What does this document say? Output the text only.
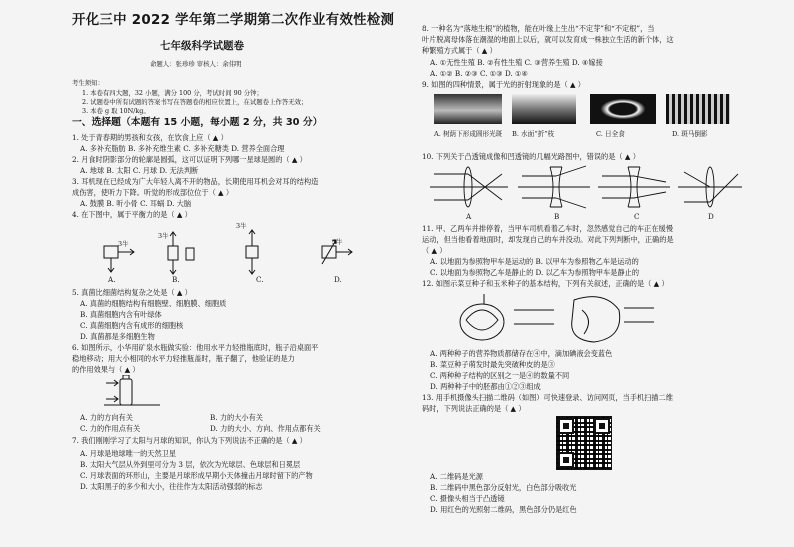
开化三中 2022 学年第二学期第二次作业有效性检测
七年级科学试题卷
命题人：张珍珍 审核人：余伟明
考生须知：
1. 本卷有四大题，32 小题，满分 100 分，考试时间 90 分钟；
2. 试题卷中所有试题的答案书写在答题卷的相应位置上，在试题卷上作答无效；
3. 本卷 g 取 10N/kg。
一、选择题（本题有 15 小题，每小题 2 分，共 30 分）
1. 处于青春期的男孩和女孩，在饮食上应（ ▲ ）
A. 多补充脂肪 B. 多补充维生素 C. 多补充糖类 D. 营养全面合理
2. 月食时阴影部分的轮廓是圆弧，这可以证明下列哪一星球是圆的（ ▲ ）
A. 地球 B. 太阳 C. 月球 D. 无法判断
3. 耳机现在已经成为广大年轻人离不开的物品，长期使用耳机会对耳的结构造
成伤害，使听力下降。听觉的形成部位位于（ ▲ ）
A. 鼓膜 B. 听小骨 C. 耳蜗 D. 大脑
4. 在下图中，属于平衡力的是（ ▲ ）
3牛
3牛
3牛
3牛
A.	B.	C.	D.
5. 真菌比细菌结构复杂之处是（ ▲ ）
A. 真菌的细胞结构有细胞壁、细胞膜、细胞质
B. 真菌细胞内含有叶绿体
C. 真菌细胞内含有成形的细胞核
D. 真菌都是多细胞生物
6. 如图所示，小华用矿泉水瓶做实验：他用水平力轻推瓶底时，瓶子沿桌面平
稳地移动；用大小相同的水平力轻推瓶盖时，瓶子翻了，他验证的是力
的作用效果与（ ▲ ）
A. 力的方向有关	B. 力的大小有关
C. 力的作用点有关	D. 力的大小、方向、作用点都有关
7. 我们刚刚学习了太阳与月球的知识，你认为下列说法不正确的是（ ▲ ）
A. 月球是地球唯一的天然卫星
B. 太阳大气层从外到里可分为 3 层，依次为光球层、色球层和日冕层
C. 月球表面的环形山，主要是月球形成早期小天体撞击月球时留下的产物
D. 太阳黑子的多少和大小，往往作为太阳活动强弱的标志
8. 一种名为“落地生根”的植物，能在叶缘上生出“不定芽”和“不定根”，当
叶片脱离母体落在潮湿的地面上以后，就可以发育成一株独立生活的新个体，这
种繁殖方式属于（ ▲ ）
A. ①无性生殖 B. ②有性生殖 C. ③营养生殖 D. ④嫁接
A. ①② B. ②③ C. ①③ D. ①④
9. 如图的四种情景，属于光的折射现象的是（ ▲ ）
A. 树荫下形成圆形光斑 B. 水面“折”枝	C. 日全食	D. 斑马倒影
10. 下列关于凸透镜成像和凹透镜的几幅光路图中，错误的是（ ▲ ）
A	B	C	D
11. 甲、乙两车并排停着，当甲车司机看着乙车时，忽然感觉自己的车正在缓慢
运动，但当他看着地面时，却发现自己的车并没动。对此下列判断中，正确的是
（ ▲ ）
A. 以地面为参照物甲车是运动的 B. 以甲车为参照物乙车是运动的
C. 以地面为参照物乙车是静止的 D. 以乙车为参照物甲车是静止的
12. 如图示菜豆种子和玉米种子的基本结构，下列有关叙述，正确的是（ ▲ ）
A. 两种种子的营养物质都储存在④中，滴加碘液会变蓝色
B. 菜豆种子萌发时最先突破种皮的是③
C. 两种种子结构的区别之一是④的数量不同
D. 两种种子中的胚都由①②③组成
13. 用手机摄像头扫描二维码（如图）可快速登录、访问网页，当手机扫描二维
码时，下列说法正确的是（ ▲ ）
A. 二维码是光源
B. 二维码中黑色部分反射光，白色部分吸收光
C. 摄像头相当于凸透镜
D. 用红色的光照射二维码，黑色部分仍是红色
